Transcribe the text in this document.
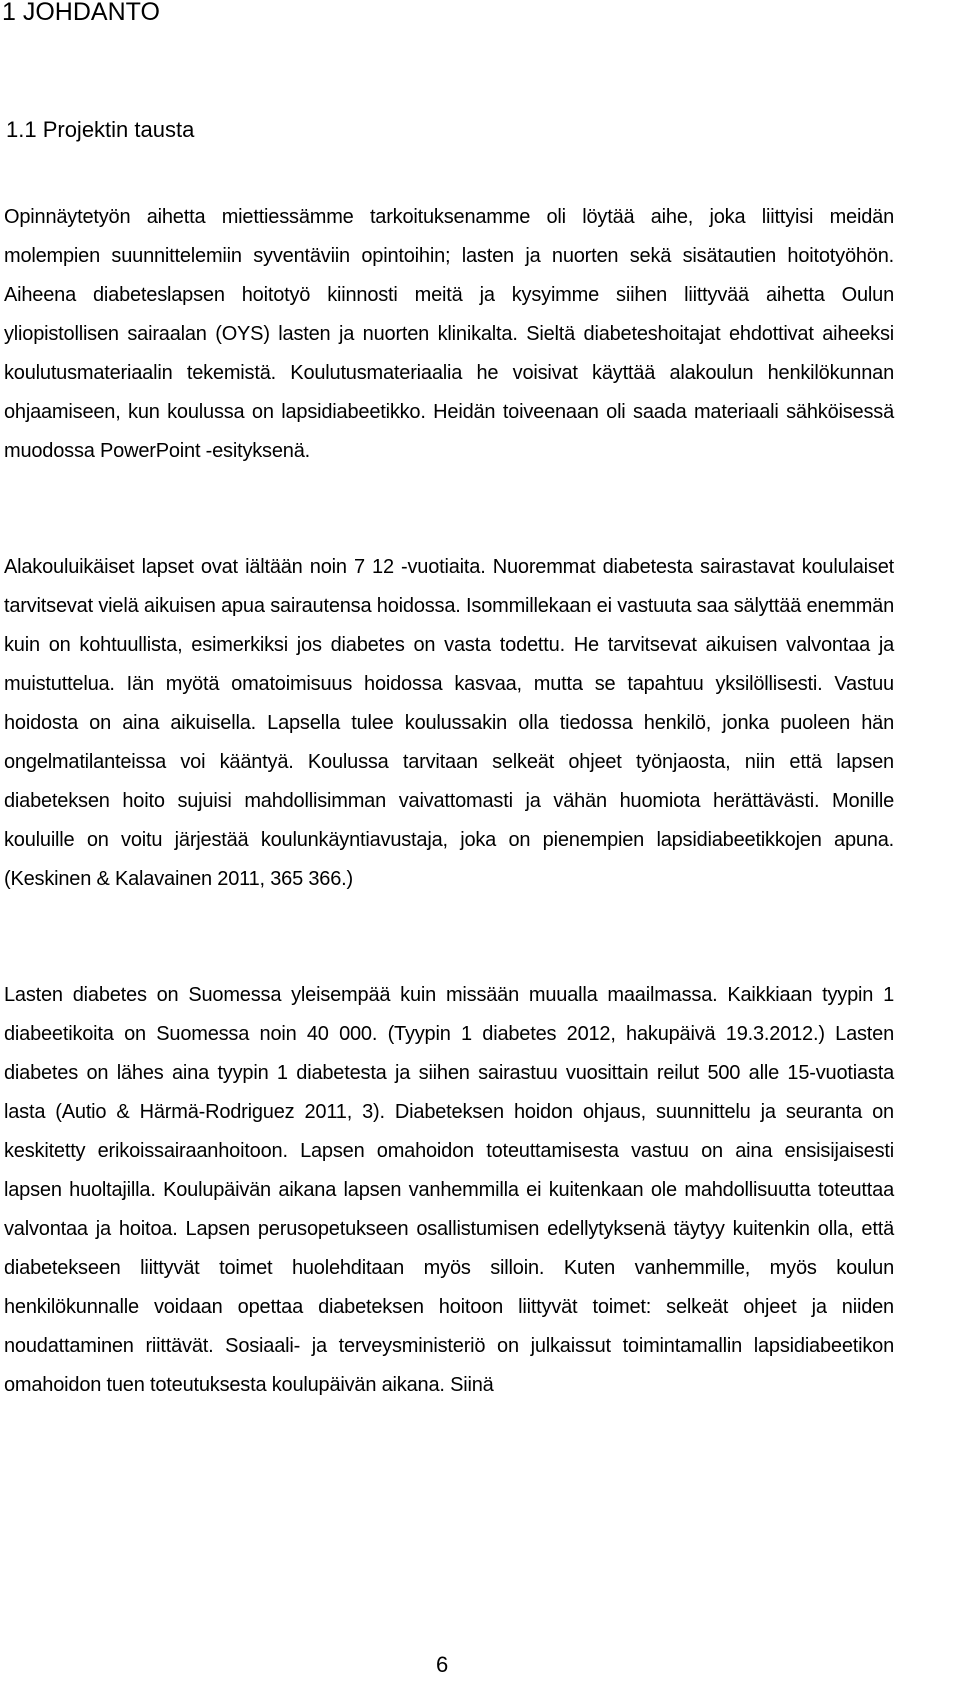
1 JOHDANTO
1.1 Projektin tausta

Opinnäytetyön aihetta miettiessämme tarkoituksenamme oli löytää aihe, joka liittyisi meidän molempien suunnittelemiin syventäviin opintoihin; lasten ja nuorten sekä sisätautien hoitotyöhön. Aiheena diabeteslapsen hoitotyö kiinnosti meitä ja kysyimme siihen liittyvää aihetta Oulun yliopistollisen sairaalan (OYS) lasten ja nuorten klinikalta. Sieltä diabeteshoitajat ehdottivat aiheeksi koulutusmateriaalin tekemistä. Koulutusmateriaalia he voisivat käyttää alakoulun henkilökunnan ohjaamiseen, kun koulussa on lapsidiabeetikko. Heidän toiveenaan oli saada materiaali sähköisessä muodossa PowerPoint -esityksenä.

Alakouluikäiset lapset ovat iältään noin 7 12 -vuotiaita. Nuoremmat diabetesta sairastavat koululaiset tarvitsevat vielä aikuisen apua sairautensa hoidossa. Isommillekaan ei vastuuta saa sälyttää enemmän kuin on kohtuullista, esimerkiksi jos diabetes on vasta todettu. He tarvitsevat aikuisen valvontaa ja muistuttelua. Iän myötä omatoimisuus hoidossa kasvaa, mutta se tapahtuu yksilöllisesti. Vastuu hoidosta on aina aikuisella. Lapsella tulee koulussakin olla tiedossa henkilö, jonka puoleen hän ongelmatilanteissa voi kääntyä. Koulussa tarvitaan selkeät ohjeet työnjaosta, niin että lapsen diabeteksen hoito sujuisi mahdollisimman vaivattomasti ja vähän huomiota herättävästi. Monille kouluille on voitu järjestää koulunkäyntiavustaja, joka on pienempien lapsidiabeetikkojen apuna. (Keskinen & Kalavainen 2011, 365 366.)

Lasten diabetes on Suomessa yleisempää kuin missään muualla maailmassa. Kaikkiaan tyypin 1 diabeetikoita on Suomessa noin 40 000. (Tyypin 1 diabetes 2012, hakupäivä 19.3.2012.) Lasten diabetes on lähes aina tyypin 1 diabetesta ja siihen sairastuu vuosittain reilut 500 alle 15-vuotiasta lasta (Autio & Härmä-Rodriguez 2011, 3). Diabeteksen hoidon ohjaus, suunnittelu ja seuranta on keskitetty erikoissairaanhoitoon. Lapsen omahoidon toteuttamisesta vastuu on aina ensisijaisesti lapsen huoltajilla. Koulupäivän aikana lapsen vanhemmilla ei kuitenkaan ole mahdollisuutta toteuttaa valvontaa ja hoitoa. Lapsen perusopetukseen osallistumisen edellytyksenä täytyy kuitenkin olla, että diabetekseen liittyvät toimet huolehditaan myös silloin. Kuten vanhemmille, myös koulun henkilökunnalle voidaan opettaa diabeteksen hoitoon liittyvät toimet: selkeät ohjeet ja niiden noudattaminen riittävät. Sosiaali- ja terveysministeriö on julkaissut toimintamallin lapsidiabeetikon omahoidon tuen toteutuksesta koulupäivän aikana. Siinä

6
